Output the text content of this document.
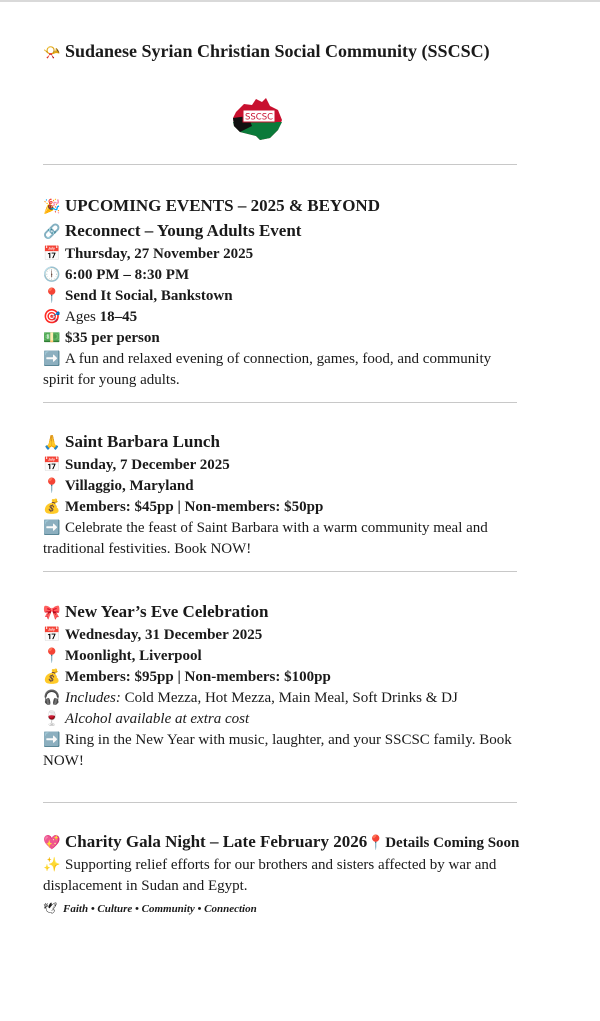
📯 Sudanese Syrian Christian Social Community (SSCSC)

SSCSC

🎉 UPCOMING EVENTS – 2025 & BEYOND

🔗 Reconnect – Young Adults Event

📅 Thursday, 27 November 2025

🕕 6:00 PM – 8:30 PM

📍 Send It Social, Bankstown

🎯 Ages 18–45

💵 $35 per person

➡️ A fun and relaxed evening of connection, games, food, and community spirit for young adults.

🙏 Saint Barbara Lunch

📅 Sunday, 7 December 2025

📍 Villaggio, Maryland

💰 Members: $45pp | Non-members: $50pp

➡️ Celebrate the feast of Saint Barbara with a warm community meal and traditional festivities. Book NOW!

🎀 New Year’s Eve Celebration

📅 Wednesday, 31 December 2025

📍 Moonlight, Liverpool

💰 Members: $95pp | Non-members: $100pp

🎧 Includes: Cold Mezza, Hot Mezza, Main Meal, Soft Drinks & DJ

🍷 Alcohol available at extra cost

➡️ Ring in the New Year with music, laughter, and your SSCSC family. Book NOW!

💖 Charity Gala Night – Late February 2026📍Details Coming Soon

✨ Supporting relief efforts for our brothers and sisters affected by war and displacement in Sudan and Egypt.

🕊 Faith • Culture • Community • Connection
